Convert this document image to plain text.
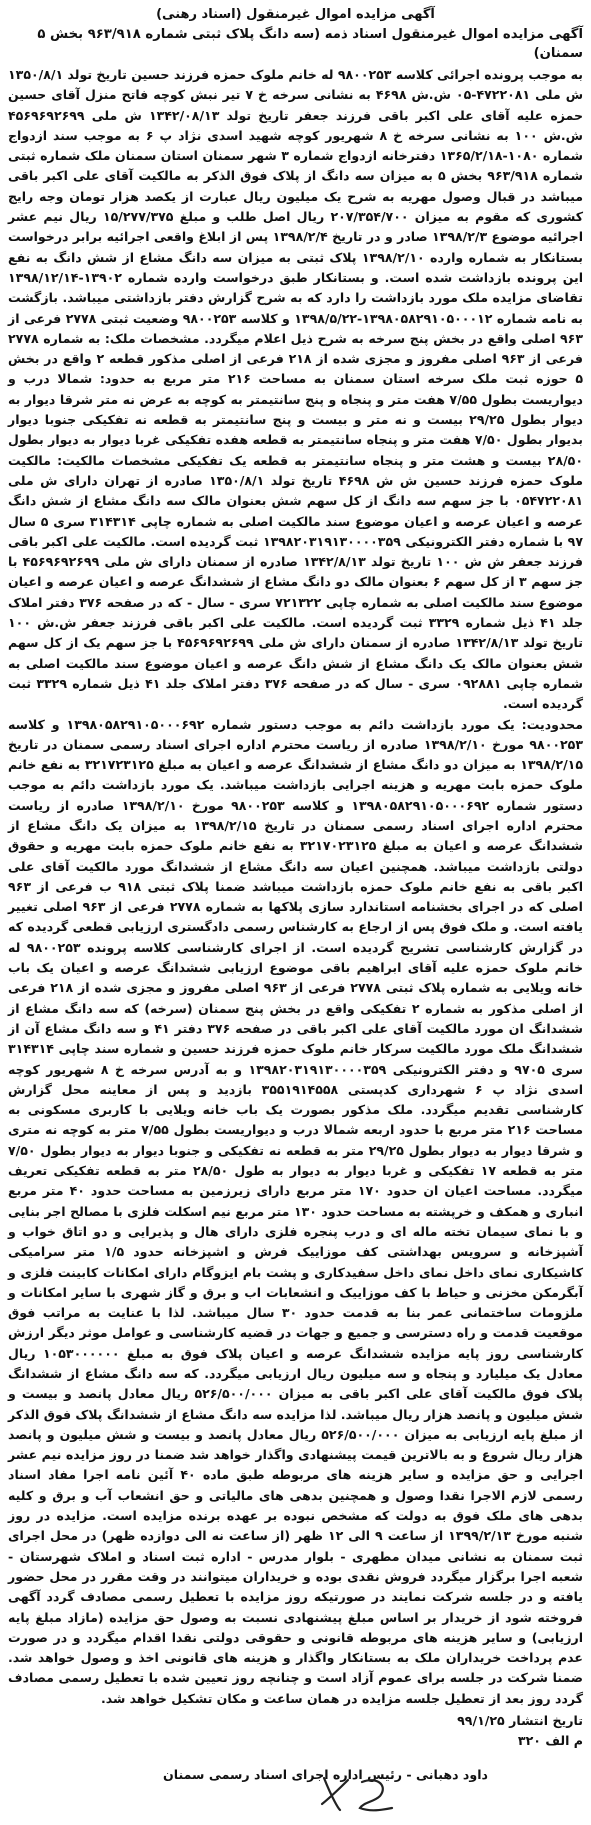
آگهی مزایده اموال غیرمنقول (اسناد رهنی)
آگهی مزایده اموال غیرمنقول اسناد ذمه (سه دانگ پلاک ثبتی شماره ۹۶۳/۹۱۸ بخش ۵ سمنان)

به موجب پرونده اجرائی کلاسه ۹۸۰۰۲۵۳ له خانم ملوک حمزه فرزند حسین تاریخ تولد ۱۳۵۰/۸/۱ ش ملی ۴۷۲۲۰۸۱-۰۵ ش.ش ۴۶۹۸ به نشانی سرخه خ ۷ تیر نبش کوچه فاتح منزل آقای حسین حمزه علیه آقای علی اکبر باقی فرزند جعفر تاریخ تولد ۱۳۴۲/۰۸/۱۳ ش ملی ۴۵۶۹۶۹۲۶۹۹ ش.ش ۱۰۰ به نشانی سرخه خ ۸ شهریور کوچه شهید اسدی نژاد پ ۶ به موجب سند ازدواج شماره ۱۰۸۰-۱۳۶۵/۲/۱۸ دفترخانه ازدواج شماره ۳ شهر سمنان استان سمنان ملک شماره ثبتی شماره ۹۶۳/۹۱۸ بخش ۵ به میزان سه دانگ از پلاک فوق الذکر به مالکیت آقای علی اکبر باقی میباشد در قبال وصول مهریه به شرح یک میلیون ریال عبارت از یکصد هزار تومان وجه رایج کشوری که مقوم به میزان ۲۰۷/۳۵۴/۷۰۰ ریال اصل طلب و مبلغ ۱۵/۲۷۷/۳۷۵ ریال نیم عشر اجرائیه موضوع ۱۳۹۸/۲/۳ صادر و در تاریخ ۱۳۹۸/۲/۴ پس از ابلاغ واقعی اجرائیه برابر درخواست بستانکار به شماره وارده ۱۳۹۸/۲/۱۰ پلاک ثبتی به میزان سه دانگ مشاع از شش دانگ به نفع این پرونده بازداشت شده است. و بستانکار طبق درخواست وارده شماره ۱۳۹۰۲-۱۳۹۸/۱۲/۱۴ تقاضای مزایده ملک مورد بازداشت را دارد که به شرح گزارش دفتر بازداشتی میباشد. بازگشت به نامه شماره ۱۳۹۸۰۵۸۲۹۱۰۵۰۰۰۱۲-۱۳۹۸/۵/۲۲ و کلاسه ۹۸۰۰۲۵۳ وضعیت ثبتی ۲۷۷۸ فرعی از ۹۶۳ اصلی واقع در بخش پنج سرخه به شرح ذیل اعلام میگردد. مشخصات ملک: به شماره ۲۷۷۸ فرعی از ۹۶۳ اصلی مفروز و مجزی شده از ۲۱۸ فرعی از اصلی مذکور قطعه ۲ واقع در بخش ۵ حوزه ثبت ملک سرخه استان سمنان به مساحت ۲۱۶ متر مربع به حدود: شمالا درب و دیواریست بطول ۷/۵۵ هفت متر و پنجاه و پنج سانتیمتر به کوچه به عرض نه متر شرقا دیوار به دیوار بطول ۲۹/۲۵ بیست و نه متر و بیست و پنج سانتیمتر به قطعه نه تفکیکی جنوبا دیوار بدیوار بطول ۷/۵۰ هفت متر و پنجاه سانتیمتر به قطعه هفده تفکیکی غربا دیوار به دیوار بطول ۲۸/۵۰ بیست و هشت متر و پنجاه سانتیمتر به قطعه یک تفکیکی مشخصات مالکیت: مالکیت ملوک حمزه فرزند حسین ش ش ۴۶۹۸ تاریخ تولد ۱۳۵۰/۸/۱ صادره از تهران دارای ش ملی ۰۵۴۷۲۲۰۸۱ با جز سهم سه دانگ از کل سهم شش بعنوان مالک سه دانگ مشاع از شش دانگ عرصه و اعیان عرصه و اعیان موضوع سند مالکیت اصلی به شماره چاپی ۳۱۴۳۱۴ سری ۵ سال ۹۷ با شماره دفتر الکترونیکی ۱۳۹۸۲۰۳۱۹۱۳۰۰۰۰۳۵۹ ثبت گردیده است. مالکیت علی اکبر باقی فرزند جعفر ش ش ۱۰۰ تاریخ تولد ۱۳۴۲/۸/۱۳ صادره از سمنان دارای ش ملی ۴۵۶۹۶۹۲۶۹۹ با جز سهم ۳ از کل سهم ۶ بعنوان مالک دو دانگ مشاع از ششدانگ عرصه و اعیان عرصه و اعیان موضوع سند مالکیت اصلی به شماره چاپی ۷۲۱۳۲۲ سری - سال - که در صفحه ۳۷۶ دفتر املاک جلد ۴۱ ذیل شماره ۳۳۲۹ ثبت گردیده است. مالکیت علی اکبر باقی فرزند جعفر ش.ش ۱۰۰ تاریخ تولد ۱۳۴۲/۸/۱۳ صادره از سمنان دارای ش ملی ۴۵۶۹۶۹۲۶۹۹ با جز سهم یک از کل سهم شش بعنوان مالک یک دانگ مشاع از شش دانگ عرصه و اعیان موضوع سند مالکیت اصلی به شماره چاپی ۰۹۲۸۸۱ سری - سال که در صفحه ۳۷۶ دفتر املاک جلد ۴۱ ذیل شماره ۳۳۲۹ ثبت گردیده است.

محدودیت: یک مورد بازداشت دائم به موجب دستور شماره ۱۳۹۸۰۵۸۲۹۱۰۵۰۰۰۶۹۲ و کلاسه ۹۸۰۰۲۵۳ مورخ ۱۳۹۸/۲/۱۰ صادره از ریاست محترم اداره اجرای اسناد رسمی سمنان در تاریخ ۱۳۹۸/۲/۱۵ به میزان دو دانگ مشاع از ششدانگ عرصه و اعیان به مبلغ ۳۲۱۷۲۳۱۲۵ به نفع خانم ملوک حمزه بابت مهریه و هزینه اجرایی بازداشت میباشد. یک مورد بازداشت دائم به موجب دستور شماره ۱۳۹۸۰۵۸۲۹۱۰۵۰۰۰۶۹۲ و کلاسه ۹۸۰۰۲۵۳ مورخ ۱۳۹۸/۲/۱۰ صادره از ریاست محترم اداره اجرای اسناد رسمی سمنان در تاریخ ۱۳۹۸/۲/۱۵ به میزان یک دانگ مشاع از ششدانگ عرصه و اعیان به مبلغ ۳۲۱۷۰۲۳۱۲۵ به نفع خانم ملوک حمزه بابت مهریه و حقوق دولتی بازداشت میباشد. همچنین اعیان سه دانگ مشاع از ششدانگ مورد مالکیت آقای علی اکبر باقی به نفع خانم ملوک حمزه بازداشت میباشد ضمنا پلاک ثبتی ۹۱۸ ب فرعی از ۹۶۳ اصلی که در اجرای بخشنامه استاندارد سازی پلاکها به شماره ۲۷۷۸ فرعی از ۹۶۳ اصلی تغییر یافته است. و ملک فوق پس از ارجاع به کارشناس رسمی دادگستری ارزیابی قطعی گردیده که در گزارش کارشناسی تشریح گردیده است. از اجرای کارشناسی کلاسه پرونده ۹۸۰۰۲۵۳ له خانم ملوک حمزه علیه آقای ابراهیم باقی موضوع ارزیابی ششدانگ عرصه و اعیان یک باب خانه ویلایی به شماره پلاک ثبتی ۲۷۷۸ فرعی از ۹۶۳ اصلی مفروز و مجزی شده از ۲۱۸ فرعی از اصلی مذکور به شماره ۲ تفکیکی واقع در بخش پنج سمنان (سرخه) که سه دانگ مشاع از ششدانگ ان مورد مالکیت آقای علی اکبر باقی در صفحه ۳۷۶ دفتر ۴۱ و سه دانگ مشاع آن از ششدانگ ملک مورد مالکیت سرکار خانم ملوک حمزه فرزند حسین و شماره سند چاپی ۳۱۴۳۱۴ سری ۹۷۰۵ و دفتر الکترونیکی ۱۳۹۸۲۰۳۱۹۱۳۰۰۰۰۳۵۹ و به آدرس سرخه خ ۸ شهریور کوچه اسدی نژاد پ ۶ شهرداری کدپستی ۳۵۵۱۹۱۴۵۵۸ بازدید و پس از معاینه محل گزارش کارشناسی تقدیم میگردد. ملک مذکور بصورت یک باب خانه ویلایی با کاربری مسکونی به مساحت ۲۱۶ متر مربع با حدود اربعه شمالا درب و دیواریست بطول ۷/۵۵ متر به کوچه نه متری و شرقا دیوار به دیوار بطول ۲۹/۲۵ متر به قطعه نه تفکیکی و جنوبا دیوار به دیوار بطول ۷/۵۰ متر به قطعه ۱۷ تفکیکی و غربا دیوار به دیوار به طول ۲۸/۵۰ متر به قطعه تفکیکی تعریف میگردد. مساحت اعیان ان حدود ۱۷۰ متر مربع دارای زیرزمین به مساحت حدود ۴۰ متر مربع انباری و همکف و خرپشته به مساحت حدود ۱۳۰ متر مربع نیم اسکلت فلزی با مصالح اجر بنایی و با نمای سیمان تخته ماله ای و درب پنجره فلزی دارای هال و پذیرایی و دو اتاق خواب و آشپزخانه و سرویس بهداشتی کف موزاییک فرش و اشپزخانه حدود ۱/۵ متر سرامیکی کاشیکاری نمای داخل نمای داخل سفیدکاری و پشت بام ایزوگام دارای امکانات کابینت فلزی و آبگرمکن مخزنی و حیاط با کف موزاییک و انشعابات اب و برق و گاز شهری با سایر امکانات و ملزومات ساختمانی عمر بنا به قدمت حدود ۳۰ سال میباشد. لذا با عنایت به مراتب فوق موقعیت قدمت و راه دسترسی و جمیع و جهات در قضیه کارشناسی و عوامل موثر دیگر ارزش کارشناسی روز پایه مزایده ششدانگ عرصه و اعیان پلاک فوق به مبلغ ۱۰۵۳۰۰۰۰۰۰ ریال معادل یک میلیارد و پنجاه و سه میلیون ریال ارزیابی میگردد. که سه دانگ مشاع از ششدانگ پلاک فوق مالکیت آقای علی اکبر باقی به میزان ۵۲۶/۵۰۰/۰۰۰ ریال معادل پانصد و بیست و شش میلیون و پانصد هزار ریال میباشد. لذا مزایده سه دانگ مشاع از ششدانگ پلاک فوق الذکر از مبلغ پایه ارزیابی به میزان ۵۲۶/۵۰۰/۰۰۰ ریال معادل پانصد و بیست و شش میلیون و پانصد هزار ریال شروع و به بالاترین قیمت پیشنهادی واگذار خواهد شد ضمنا در روز مزایده نیم عشر اجرایی و حق مزایده و سایر هزینه های مربوطه طبق ماده ۴۰ آئین نامه اجرا مفاد اسناد رسمی لازم الاجرا نقدا وصول و همچنین بدهی های مالیاتی و حق انشعاب آب و برق و کلیه بدهی های ملک فوق به دولت که مشخص نبوده بر عهده برنده مزایده است. مزایده در روز شنبه مورخ ۱۳۹۹/۲/۱۳ از ساعت ۹ الی ۱۲ ظهر (از ساعت نه الی دوازده ظهر) در محل اجرای ثبت سمنان به نشانی میدان مطهری - بلوار مدرس - اداره ثبت اسناد و املاک شهرستان - شعبه اجرا برگزار میگردد فروش نقدی بوده و خریداران میتوانند در وقت مقرر در محل حضور یافته و در جلسه شرکت نمایند در صورتیکه روز مزایده با تعطیل رسمی مصادف گردد آگهی فروخته شود از خریدار بر اساس مبلغ پیشنهادی نسبت به وصول حق مزایده (مازاد مبلغ پایه ارزیابی) و سایر هزینه های مربوطه قانونی و حقوقی دولتی نقدا اقدام میگردد و در صورت عدم پرداخت خریداران ملک به بستانکار واگذار و هزینه های قانونی اخذ و وصول خواهد شد. ضمنا شرکت در جلسه برای عموم آزاد است و چنانچه روز تعیین شده با تعطیل رسمی مصادف گردد روز بعد از تعطیل جلسه مزایده در همان ساعت و مکان تشکیل خواهد شد.

تاریخ انتشار ۹۹/۱/۲۵
م الف ۳۲۰
داود دهبانی - رئیس اداره اجرای اسناد رسمی سمنان
